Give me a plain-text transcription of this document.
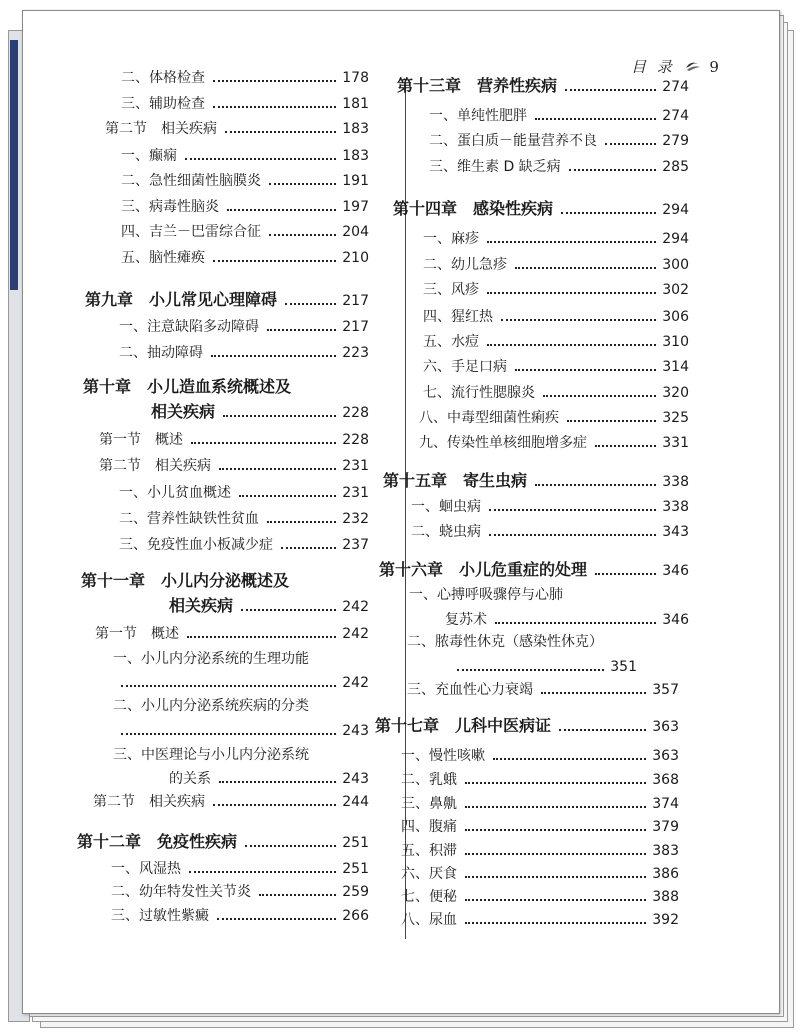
目 录	9
二、体格检查	178
三、辅助检查	181
第二节　相关疾病	183
一、癫痫	183
二、急性细菌性脑膜炎	191
三、病毒性脑炎	197
四、吉兰－巴雷综合征	204
五、脑性瘫痪	210
第九章　小儿常见心理障碍	217
一、注意缺陷多动障碍	217
二、抽动障碍	223
第十章　小儿造血系统概述及
相关疾病	228
第一节　概述	228
第二节　相关疾病	231
一、小儿贫血概述	231
二、营养性缺铁性贫血	232
三、免疫性血小板减少症	237
第十一章　小儿内分泌概述及
相关疾病	242
第一节　概述	242
一、小儿内分泌系统的生理功能
242
二、小儿内分泌系统疾病的分类
243
三、中医理论与小儿内分泌系统
的关系	243
第二节　相关疾病	244
第十二章　免疫性疾病	251
一、风湿热	251
二、幼年特发性关节炎	259
三、过敏性紫癜	266
第十三章　营养性疾病	274
一、单纯性肥胖	274
二、蛋白质－能量营养不良	279
三、维生素 D 缺乏病	285
第十四章　感染性疾病	294
一、麻疹	294
二、幼儿急疹	300
三、风疹	302
四、猩红热	306
五、水痘	310
六、手足口病	314
七、流行性腮腺炎	320
八、中毒型细菌性痢疾	325
九、传染性单核细胞增多症	331
第十五章　寄生虫病	338
一、蛔虫病	338
二、蛲虫病	343
第十六章　小儿危重症的处理	346
一、心搏呼吸骤停与心肺
复苏术	346
二、脓毒性休克（感染性休克）
351
三、充血性心力衰竭	357
第十七章　儿科中医病证	363
一、慢性咳嗽	363
二、乳蛾	368
三、鼻鼽	374
四、腹痛	379
五、积滞	383
六、厌食	386
七、便秘	388
八、尿血	392
